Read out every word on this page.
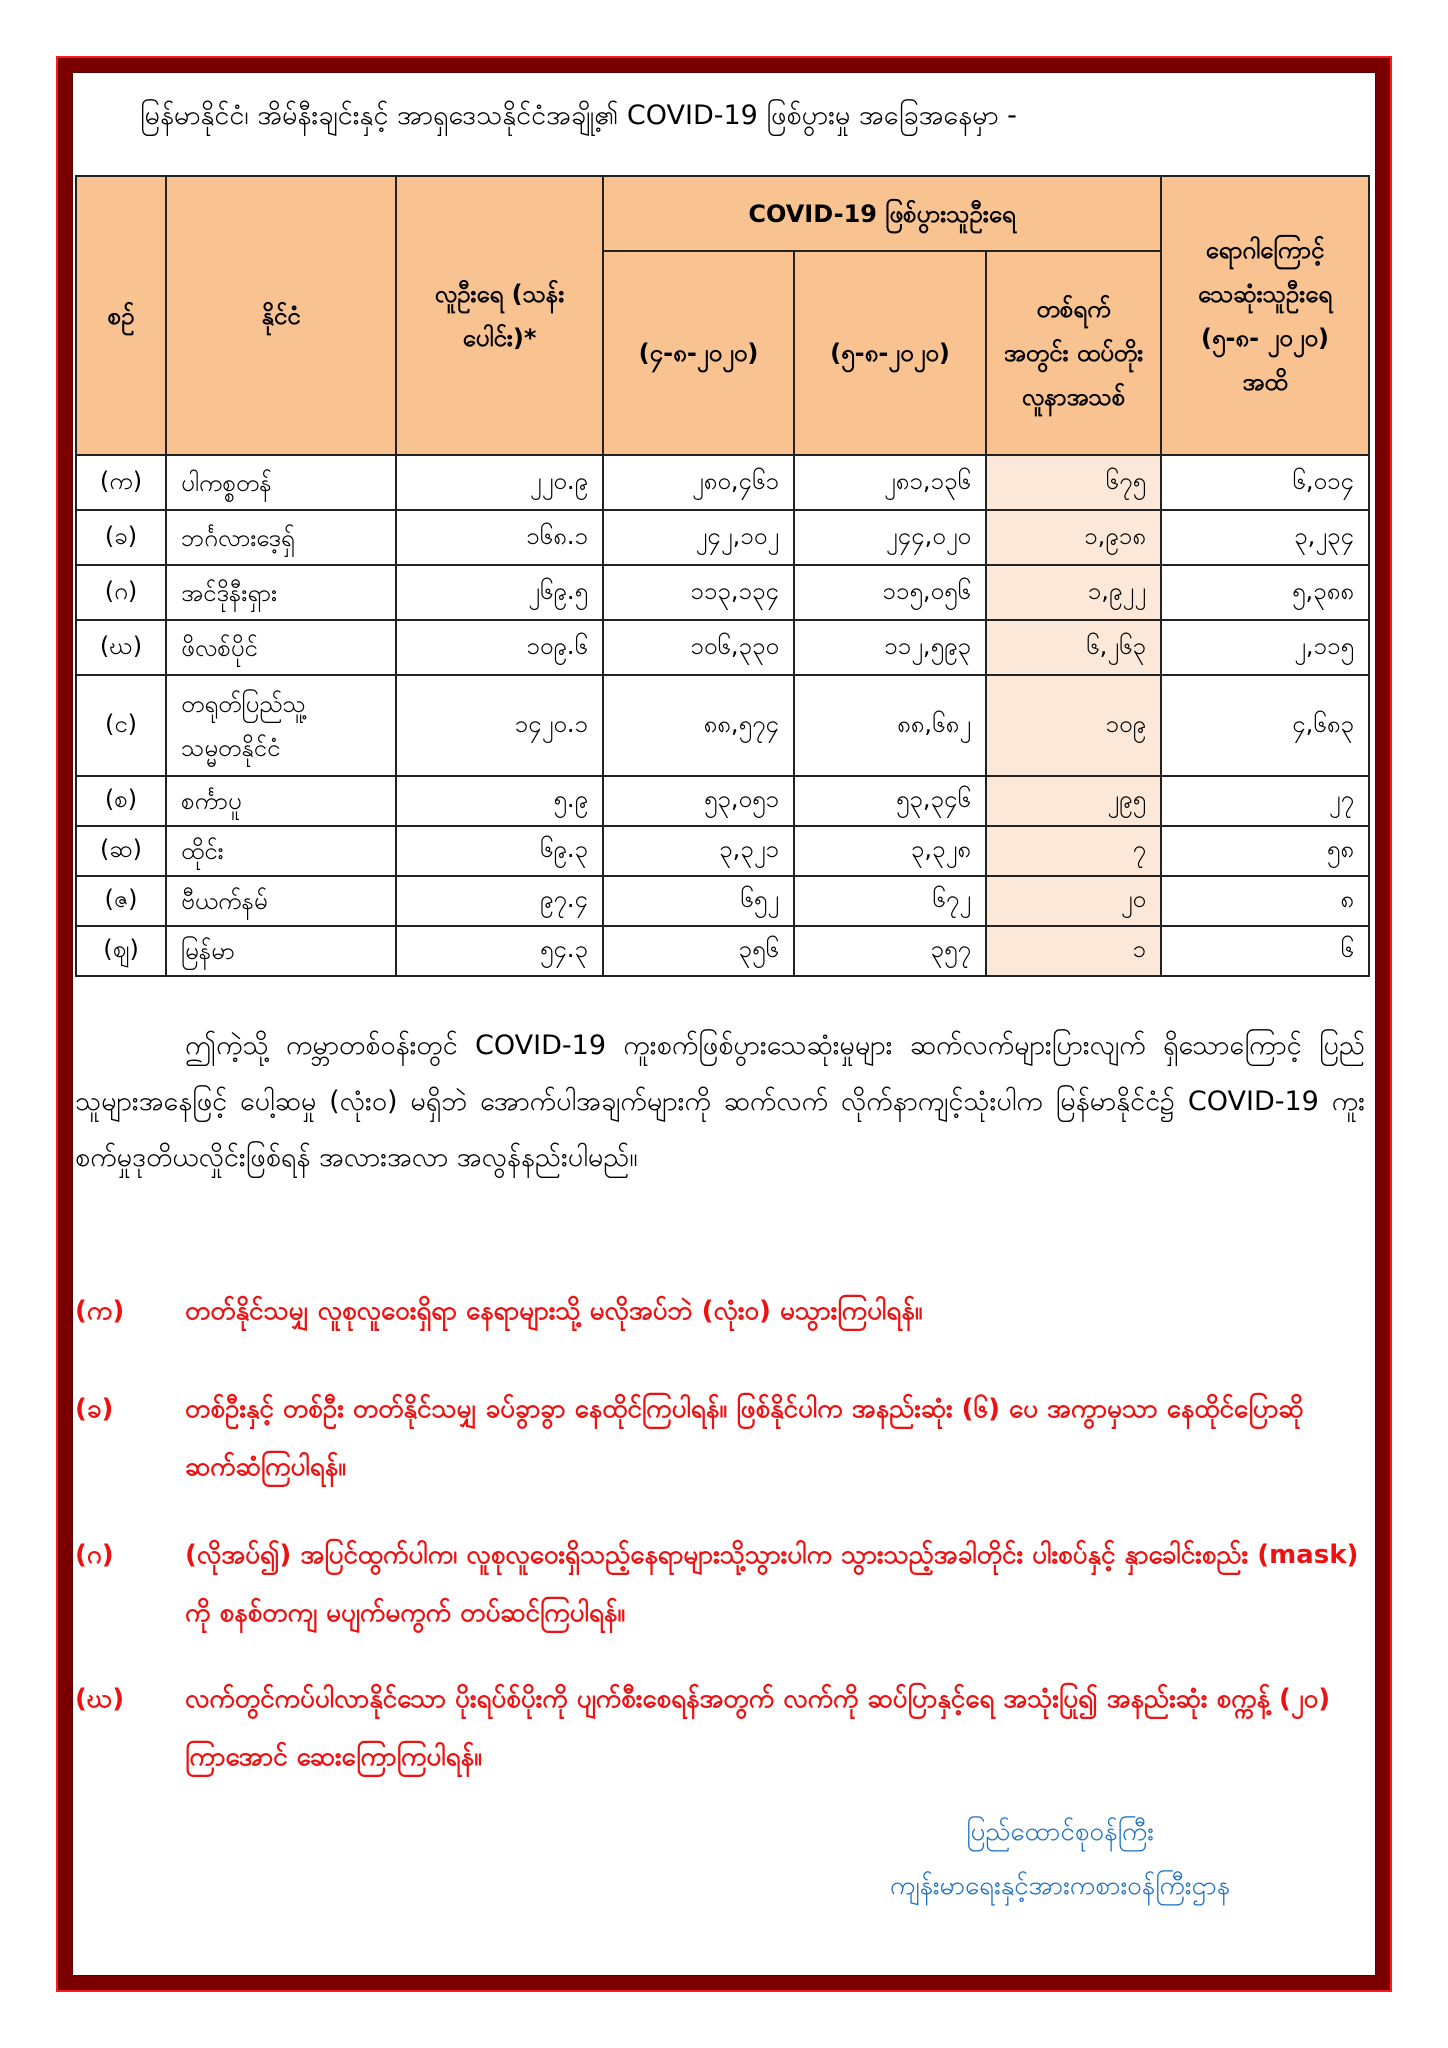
မြန်မာနိုင်ငံ၊ အိမ်နီးချင်းနှင့် အာရှဒေသနိုင်ငံအချို့၏ COVID-19 ဖြစ်ပွားမှု အခြေအနေမှာ -
စဉ်	နိုင်ငံ	လူဦးရေ (သန်းပေါင်း)*	COVID-19 ဖြစ်ပွားသူဦးရေ			ရောဂါကြောင့် သေဆုံးသူဦးရေ (၅-၈- ၂၀၂၀) အထိ
			(၄-၈-၂၀၂၀)	(၅-၈-၂၀၂၀)	တစ်ရက် အတွင်း ထပ်တိုး လူနာအသစ်	
(က)	ပါကစ္စတန်	၂၂၀.၉	၂၈၀,၄၆၁	၂၈၁,၁၃၆	၆၇၅	၆,၀၁၄
(ခ)	ဘင်္ဂလားဒေ့ရှ်	၁၆၈.၁	၂၄၂,၁၀၂	၂၄၄,၀၂၀	၁,၉၁၈	၃,၂၃၄
(ဂ)	အင်ဒိုနီးရှား	၂၆၉.၅	၁၁၃,၁၃၄	၁၁၅,၀၅၆	၁,၉၂၂	၅,၃၈၈
(ဃ)	ဖိလစ်ပိုင်	၁၀၉.၆	၁၀၆,၃၃၀	၁၁၂,၅၉၃	၆,၂၆၃	၂,၁၁၅
(င)	တရုတ်ပြည်သူ့ သမ္မတနိုင်ငံ	၁၄၂၀.၁	၈၈,၅၇၄	၈၈,၆၈၂	၁၀၉	၄,၆၈၃
(စ)	စင်္ကာပူ	၅.၉	၅၃,၀၅၁	၅၃,၃၄၆	၂၉၅	၂၇
(ဆ)	ထိုင်း	၆၉.၃	၃,၃၂၁	၃,၃၂၈	၇	၅၈
(ဇ)	ဗီယက်နမ်	၉၇.၄	၆၅၂	၆၇၂	၂၀	၈
(ဈ)	မြန်မာ	၅၄.၃	၃၅၆	၃၅၇	၁	၆
ဤကဲ့သို့ ကမ္ဘာတစ်ဝန်းတွင် COVID-19 ကူးစက်ဖြစ်ပွားသေဆုံးမှုများ ဆက်လက်များပြားလျက် ရှိသောကြောင့် ပြည်သူများအနေဖြင့် ပေါ့ဆမှု (လုံးဝ) မရှိဘဲ အောက်ပါအချက်များကို ဆက်လက် လိုက်နာကျင့်သုံးပါက မြန်မာနိုင်ငံ၌ COVID-19 ကူးစက်မှုဒုတိယလှိုင်းဖြစ်ရန် အလားအလာ အလွန်နည်းပါမည်။
(က)	တတ်နိုင်သမျှ လူစုလူဝေးရှိရာ နေရာများသို့ မလိုအပ်ဘဲ (လုံးဝ) မသွားကြပါရန်။
(ခ)	တစ်ဦးနှင့် တစ်ဦး တတ်နိုင်သမျှ ခပ်ခွာခွာ နေထိုင်ကြပါရန်။ ဖြစ်နိုင်ပါက အနည်းဆုံး (၆) ပေ အကွာမှသာ နေထိုင်ပြောဆိုဆက်ဆံကြပါရန်။
(ဂ)	(လိုအပ်၍) အပြင်ထွက်ပါက၊ လူစုလူဝေးရှိသည့်နေရာများသို့သွားပါက သွားသည့်အခါတိုင်း ပါးစပ်နှင့် နှာခေါင်းစည်း (mask) ကို စနစ်တကျ မပျက်မကွက် တပ်ဆင်ကြပါရန်။
(ဃ)	လက်တွင်ကပ်ပါလာနိုင်သော ပိုးရပ်စ်ပိုးကို ပျက်စီးစေရန်အတွက် လက်ကို ဆပ်ပြာနှင့်ရေ အသုံးပြု၍ အနည်းဆုံး စက္ကန့် (၂၀) ကြာအောင် ဆေးကြောကြပါရန်။
ပြည်ထောင်စုဝန်ကြီး
ကျန်းမာရေးနှင့်အားကစားဝန်ကြီးဌာန
